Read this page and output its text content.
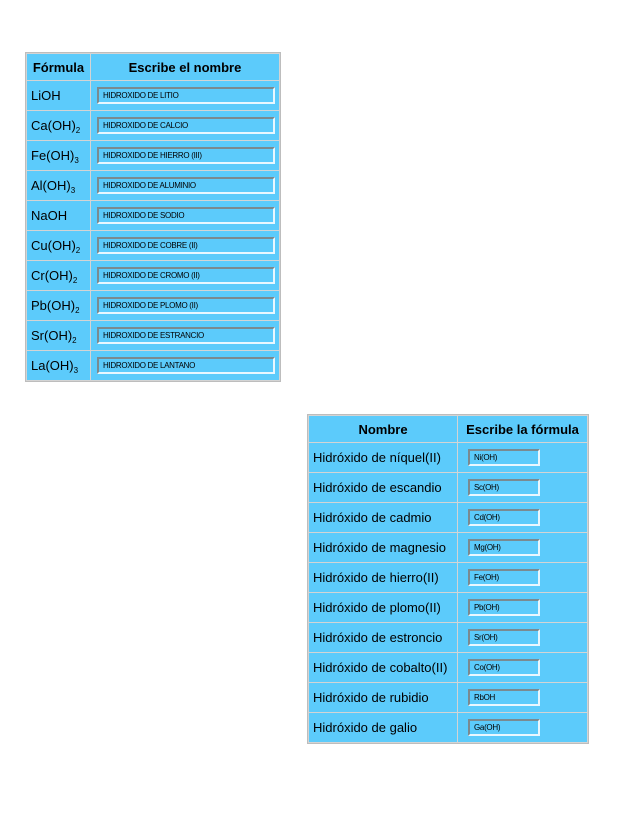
Fórmula	Escribe el nombre
LiOH	HIDROXIDO DE LITIO

$Ca(OH)_2$	HIDROXIDO DE CALCIO

$Fe(OH)_3$	HIDROXIDO DE HIERRO (III)

$Al(OH)_3$	HIDROXIDO DE ALUMINIO

NaOH	HIDROXIDO DE SODIO

$Cu(OH)_2$	HIDROXIDO DE COBRE (II)

$Cr(OH)_2$	HIDROXIDO DE CROMO (II)

$Pb(OH)_2$	HIDROXIDO DE PLOMO (II)

$Sr(OH)_2$	HIDROXIDO DE ESTRANCIO

$La(OH)_3$	HIDROXIDO DE LANTANO
Nombre	Escribe la fórmula
Hidróxido de níquel(II)	Ni(OH)

Hidróxido de escandio	Sc(OH)

Hidróxido de cadmio	Cd(OH)

Hidróxido de magnesio	Mg(OH)

Hidróxido de hierro(II)	Fe(OH)

Hidróxido de plomo(II)	Pb(OH)

Hidróxido de estroncio	Sr(OH)

Hidróxido de cobalto(II)	Co(OH)

Hidróxido de rubidio	RbOH

Hidróxido de galio	Ga(OH)
